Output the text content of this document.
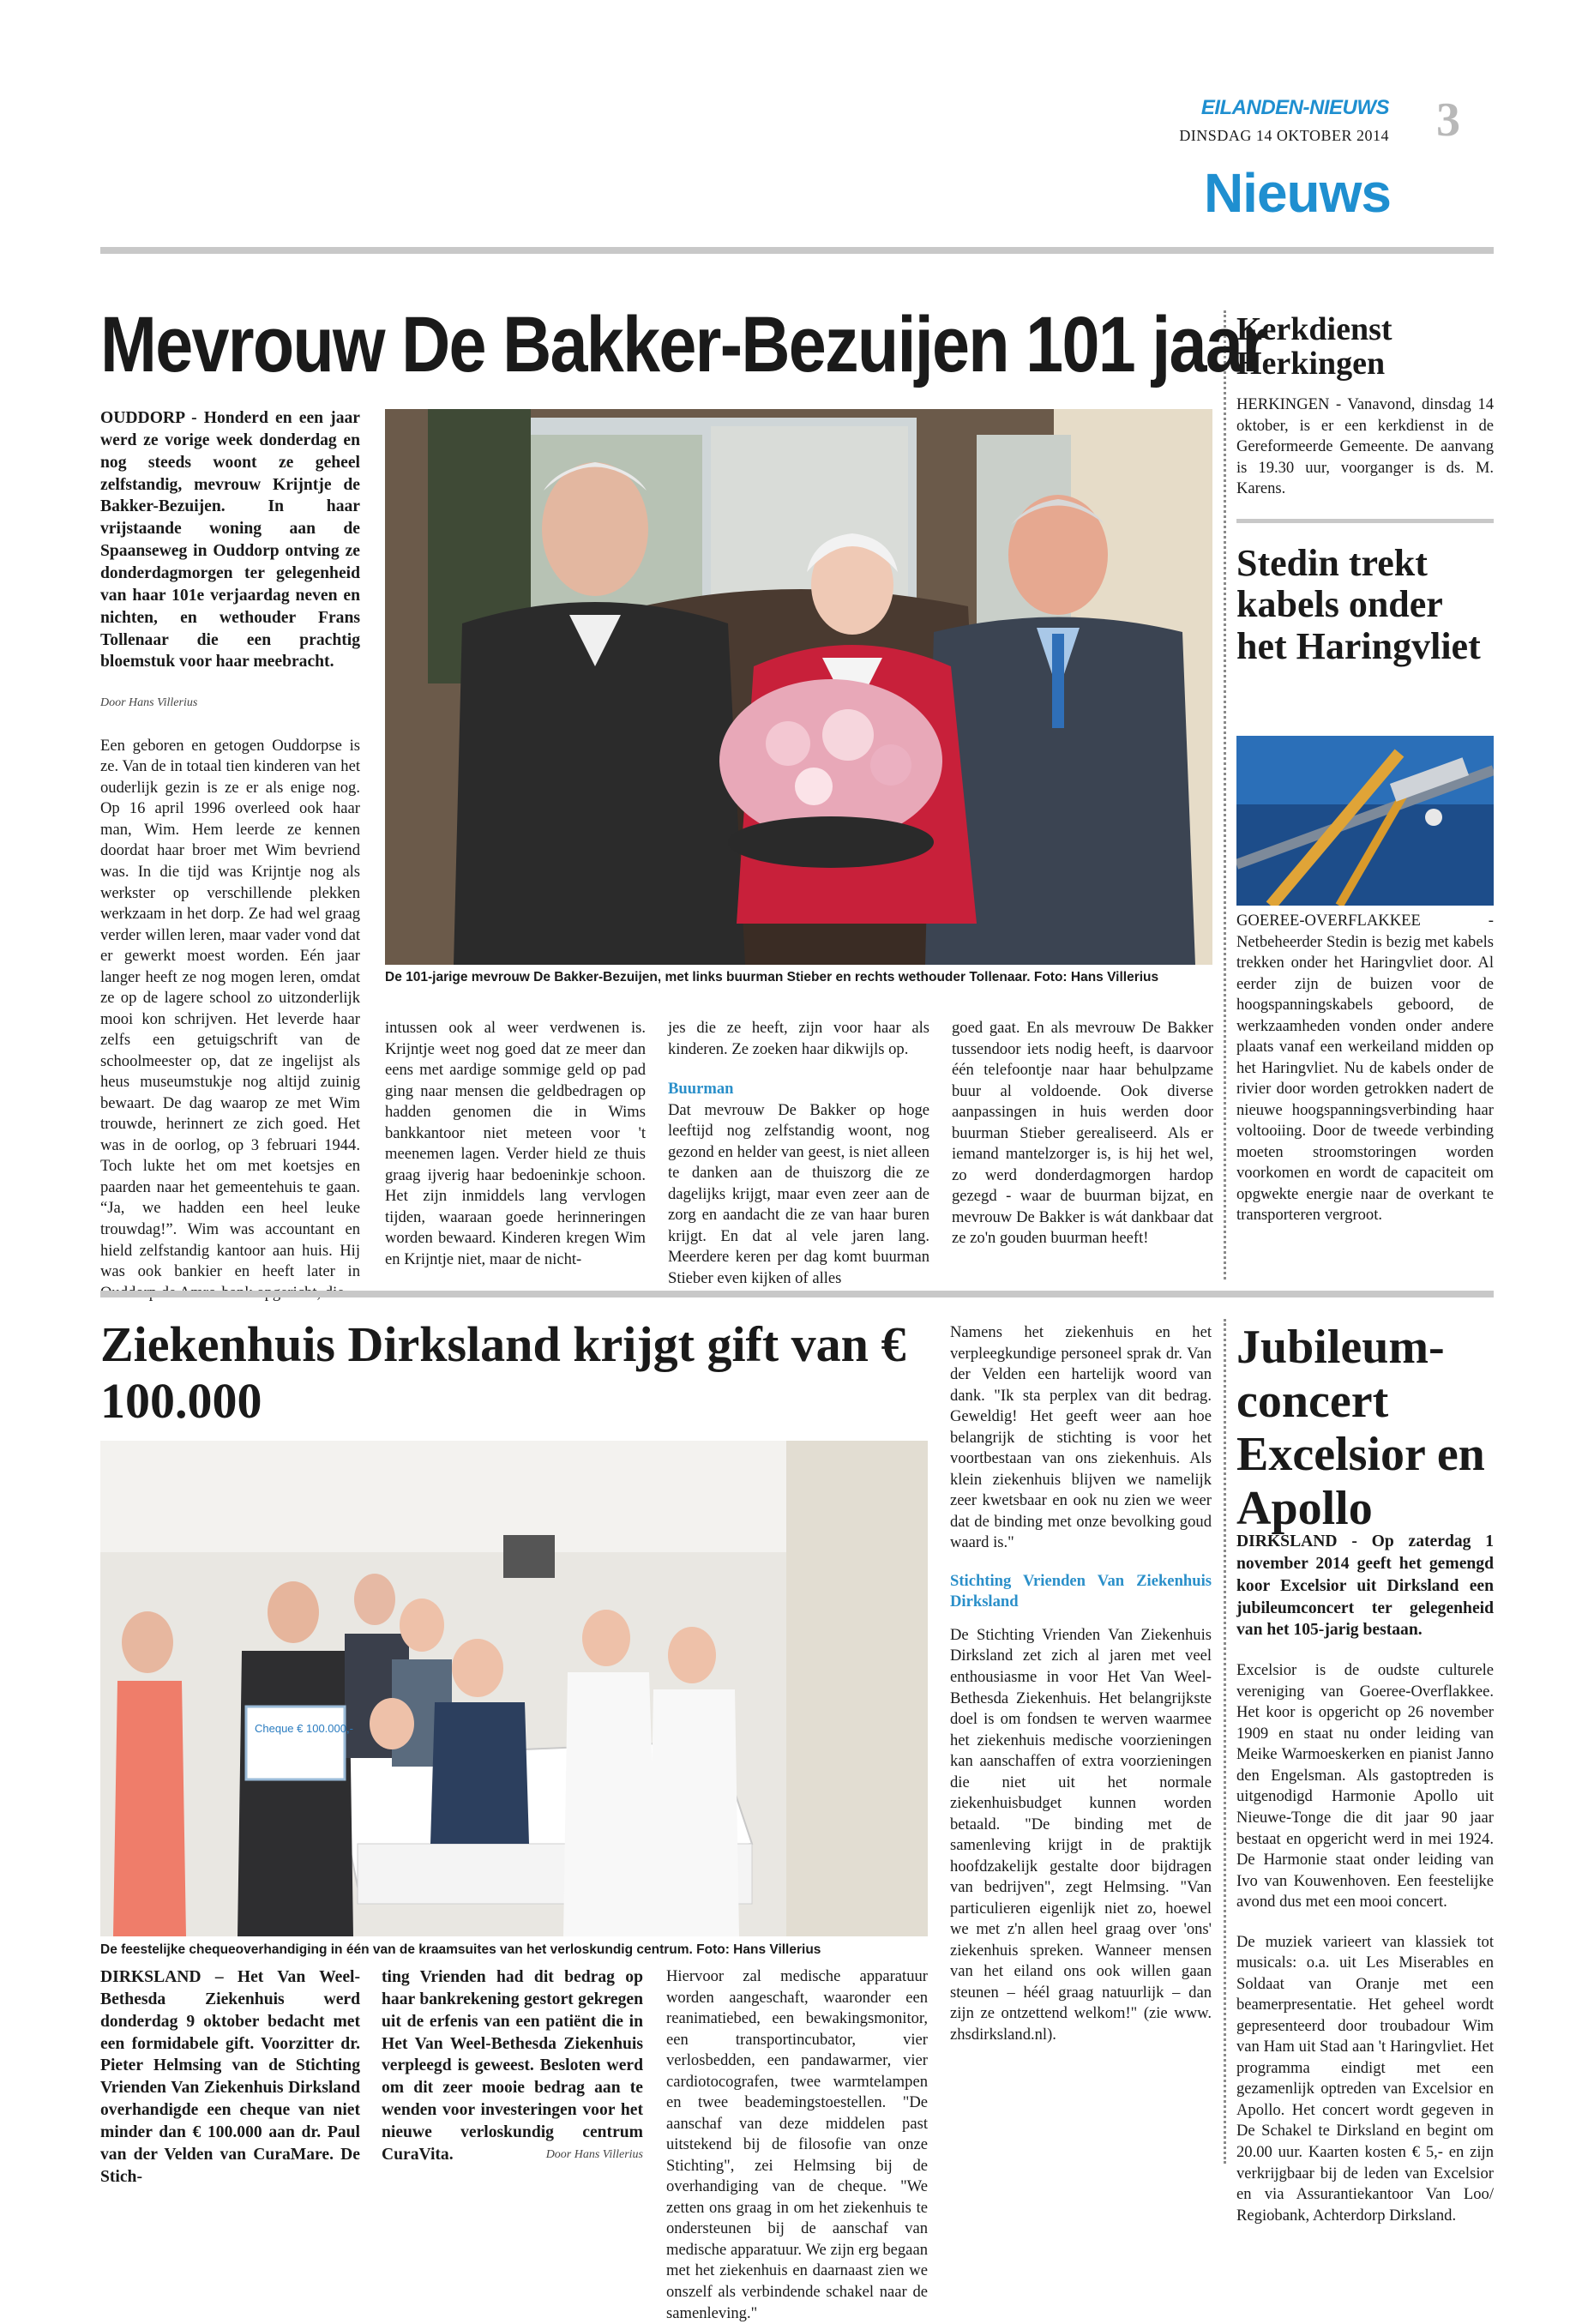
EILANDEN-NIEUWS
DINSDAG 14 OKTOBER 2014 3
Nieuws
Mevrouw De Bakker-Bezuijen 101 jaar

OUDDORP - Honderd en een jaar werd ze vorige week donderdag en nog steeds woont ze geheel zelfstandig, mevrouw Krijntje de Bakker-Bezuijen. In haar vrijstaande woning aan de Spaanseweg in Ouddorp ontving ze donderdagmorgen ter gelegenheid van haar 101e verjaardag neven en nichten, en wethouder Frans Tollenaar die een prachtig bloemstuk voor haar meebracht.

Door Hans Villerius

Een geboren en getogen Ouddorpse is ze. Van de in totaal tien kinderen van het ouderlijk gezin is ze er als enige nog. Op 16 april 1996 overleed ook haar man, Wim. Hem leerde ze kennen doordat haar broer met Wim bevriend was. In die tijd was Krijntje nog als werkster op verschillende plekken werkzaam in het dorp. Ze had wel graag verder willen leren, maar vader vond dat er gewerkt moest worden. Eén jaar langer heeft ze nog mogen leren, omdat ze op de lagere school zo uitzonderlijk mooi kon schrijven. Het leverde haar zelfs een getuigschrift van de schoolmeester op, dat ze ingelijst als heus museumstukje nog altijd zuinig bewaart. De dag waarop ze met Wim trouwde, herinnert ze zich goed. Het was in de oorlog, op 3 februari 1944. Toch lukte het om met koetsjes en paarden naar het gemeentehuis te gaan. “Ja, we hadden een heel leuke trouwdag!”. Wim was accountant en hield zelfstandig kantoor aan huis. Hij was ook bankier en heeft later in

De 101-jarige mevrouw De Bakker-Bezuijen, met links buurman Stieber en rechts wethouder Tollenaar. Foto: Hans Villerius

intussen ook al weer verdwenen is. Krijntje weet nog goed dat ze meer dan eens met aardige sommige geld op pad ging naar mensen die geldbedragen op hadden genomen die in Wims bankkantoor niet meteen voor 't meenemen lagen. Verder hield ze thuis graag ijverig haar bedoeninkje schoon. Het zijn inmiddels lang vervlogen tijden, waaraan goede herinneringen worden bewaard. Kinderen kregen Wim en Krijntje niet, maar de nicht-

jes die ze heeft, zijn voor haar als kinderen. Ze zoeken haar dikwijls op.

Buurman

Dat mevrouw De Bakker op hoge leeftijd nog zelfstandig woont, nog gezond en helder van geest, is niet alleen te danken aan de thuiszorg die ze dagelijks krijgt, maar even zeer aan de zorg en aandacht die ze van haar buren krijgt. En dat al vele jaren lang. Meerdere keren per dag komt buurman Stieber even kijken of alles

goed gaat. En als mevrouw De Bakker tussendoor iets nodig heeft, is daarvoor één telefoontje naar haar behulpzame buur al voldoende. Ook diverse aanpassingen in huis werden door buurman Stieber gerealiseerd. Als er iemand mantelzorger is, is hij het wel, zo werd donderdagmorgen hardop gezegd - waar de buurman bijzat, en mevrouw De Bakker is wát dankbaar dat ze zo'n gouden buurman heeft!

Kerkdienst Herkingen

HERKINGEN - Vanavond, dinsdag 14 oktober, is er een kerkdienst in de Gereformeerde Gemeente. De aanvang is 19.30 uur, voorganger is ds. M. Karens.

Stedin trekt kabels onder het Haringvliet

GOEREE-OVERFLAKKEE - Netbeheerder Stedin is bezig met kabels trekken onder het Haringvliet door. Al eerder zijn de buizen voor de hoogspanningskabels geboord, de werkzaamheden vonden onder andere plaats vanaf een werkeiland midden op het Haringvliet. Nu de kabels onder de rivier door worden getrokken nadert de nieuwe hoogspanningsverbinding haar voltooiing. Door de tweede verbinding moeten stroomstoringen worden voorkomen en wordt de capaciteit om opgwekte energie naar de overkant te transporteren vergroot.

Ziekenhuis Dirksland krijgt gift van € 100.000
Cheque € 100.000,-
De feestelijke chequeoverhandiging in één van de kraamsuites van het verloskundig centrum. Foto: Hans Villerius

DIRKSLAND – Het Van Weel-Bethesda Ziekenhuis werd donderdag 9 oktober bedacht met een formidabele gift. Voorzitter dr. Pieter Helmsing van de Stichting Vrienden Van Ziekenhuis Dirksland overhandigde een cheque van niet minder dan € 100.000 aan dr. Paul van der Velden van CuraMare. De Stich-

ting Vrienden had dit bedrag op haar bankrekening gestort gekregen uit de erfenis van een patiënt die in Het Van Weel-Bethesda Ziekenhuis verpleegd is geweest. Besloten werd om dit zeer mooie bedrag aan te wenden voor investeringen voor het nieuwe verloskundig centrum CuraVita.	Door Hans Villerius

Hiervoor zal medische apparatuur worden aangeschaft, waaronder een reanimatiebed, een bewakingsmonitor, een transportincubator, vier verlosbedden, een pandawarmer, vier cardiotocografen, twee warmtelampen en twee beademingstoestellen. "De aanschaf van deze middelen past uitstekend bij de filosofie van onze Stichting", zei Helmsing bij de overhandiging van de cheque. "We zetten ons graag in om het ziekenhuis te ondersteunen bij de aanschaf van medische apparatuur. We zijn erg begaan met het ziekenhuis en daarnaast zien we onszelf als verbindende schakel naar de samenleving."

Namens het ziekenhuis en het verpleegkundige personeel sprak dr. Van der Velden een hartelijk woord van dank. "Ik sta perplex van dit bedrag. Geweldig! Het geeft weer aan hoe belangrijk de stichting is voor het voortbestaan van ons ziekenhuis. Als klein ziekenhuis blijven we namelijk zeer kwetsbaar en ook nu zien we weer dat de binding met onze bevolking goud waard is."

Stichting Vrienden Van Ziekenhuis Dirksland

De Stichting Vrienden Van Ziekenhuis Dirksland zet zich al jaren met veel enthousiasme in voor Het Van Weel-Bethesda Ziekenhuis. Het belangrijkste doel is om fondsen te werven waarmee het ziekenhuis medische voorzieningen kan aanschaffen of extra voorzieningen die niet uit het normale ziekenhuisbudget kunnen worden betaald. "De binding met de samenleving krijgt in de praktijk hoofdzakelijk gestalte door bijdragen van bedrijven", zegt Helmsing. "Van particulieren eigenlijk niet zo, hoewel we met z'n allen heel graag over 'ons' ziekenhuis spreken. Wanneer mensen van het eiland ons ook willen gaan steunen – héél graag natuurlijk – dan zijn ze ontzettend welkom!" (zie www. zhsdirksland.nl).

Jubileum-concert Excelsior en Apollo

DIRKSLAND - Op zaterdag 1 november 2014 geeft het gemengd koor Excelsior uit Dirksland een jubileumconcert ter gelegenheid van het 105-jarig bestaan.

Excelsior is de oudste culturele vereniging van Goeree-Overflakkee. Het koor is opgericht op 26 november 1909 en staat nu onder leiding van Meike Warmoeskerken en pianist Janno den Engelsman. Als gastoptreden is uitgenodigd Harmonie Apollo uit Nieuwe-Tonge die dit jaar 90 jaar bestaat en opgericht werd in mei 1924. De Harmonie staat onder leiding van Ivo van Kouwenhoven. Een feestelijke avond dus met een mooi concert.

De muziek varieert van klassiek tot musicals: o.a. uit Les Miserables en Soldaat van Oranje met een beamerpresentatie. Het geheel wordt gepresenteerd door troubadour Wim van Ham uit Stad aan 't Haringvliet. Het programma eindigt met een gezamenlijk optreden van Excelsior en Apollo. Het concert wordt gegeven in De Schakel te Dirksland en begint om 20.00 uur. Kaarten kosten € 5,- en zijn verkrijgbaar bij de leden van Excelsior en via Assurantiekantoor Van Loo/ Regiobank, Achterdorp Dirksland.
